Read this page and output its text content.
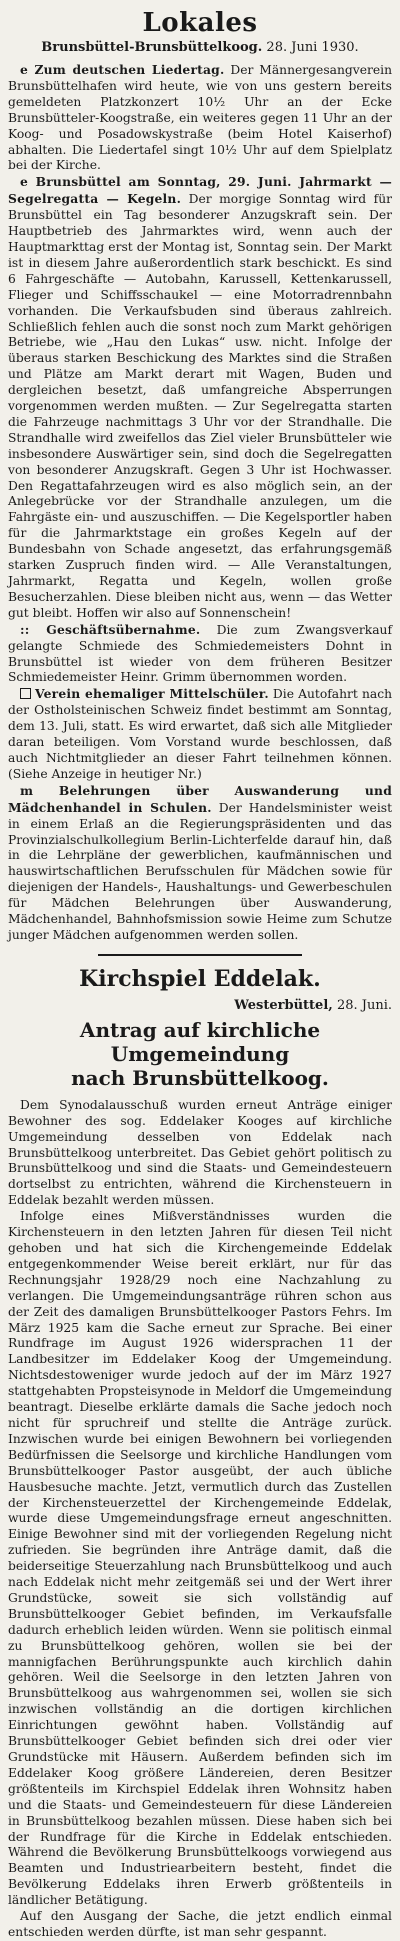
Lokales
Brunsbüttel-Brunsbüttelkoog. 28. Juni 1930.

e Zum deutschen Liedertag. Der Männergesangverein Brunsbüttelhafen wird heute, wie von uns gestern bereits gemeldeten Platzkonzert 10½ Uhr an der Ecke Brunsbütteler-Koogstraße, ein weiteres gegen 11 Uhr an der Koog- und Posadowskystraße (beim Hotel Kaiserhof) abhalten. Die Liedertafel singt 10½ Uhr auf dem Spielplatz bei der Kirche.

e Brunsbüttel am Sonntag, 29. Juni. Jahrmarkt — Segelregatta — Kegeln. Der morgige Sonntag wird für Brunsbüttel ein Tag besonderer Anzugskraft sein. Der Hauptbetrieb des Jahrmarktes wird, wenn auch der Hauptmarkttag erst der Montag ist, Sonntag sein. Der Markt ist in diesem Jahre außerordentlich stark beschickt. Es sind 6 Fahrgeschäfte — Autobahn, Karussell, Kettenkarussell, Flieger und Schiffsschaukel — eine Motorradrennbahn vorhanden. Die Verkaufsbuden sind überaus zahlreich. Schließlich fehlen auch die sonst noch zum Markt gehörigen Betriebe, wie „Hau den Lukas“ usw. nicht. Infolge der überaus starken Beschickung des Marktes sind die Straßen und Plätze am Markt derart mit Wagen, Buden und dergleichen besetzt, daß umfangreiche Absperrungen vorgenommen werden mußten. — Zur Segelregatta starten die Fahrzeuge nachmittags 3 Uhr vor der Strandhalle. Die Strandhalle wird zweifellos das Ziel vieler Brunsbütteler wie insbesondere Auswärtiger sein, sind doch die Segelregatten von besonderer Anzugskraft. Gegen 3 Uhr ist Hochwasser. Den Regattafahrzeugen wird es also möglich sein, an der Anlegebrücke vor der Strandhalle anzulegen, um die Fahrgäste ein- und auszuschiffen. — Die Kegelsportler haben für die Jahrmarktstage ein großes Kegeln auf der Bundesbahn von Schade angesetzt, das erfahrungsgemäß starken Zuspruch finden wird. — Alle Veranstaltungen, Jahrmarkt, Regatta und Kegeln, wollen große Besucherzahlen. Diese bleiben nicht aus, wenn — das Wetter gut bleibt. Hoffen wir also auf Sonnenschein!

:: Geschäftsübernahme. Die zum Zwangsverkauf gelangte Schmiede des Schmiedemeisters Dohnt in Brunsbüttel ist wieder von dem früheren Besitzer Schmiedemeister Heinr. Grimm übernommen worden.

Verein ehemaliger Mittelschüler. Die Autofahrt nach der Ostholsteinischen Schweiz findet bestimmt am Sonntag, dem 13. Juli, statt. Es wird erwartet, daß sich alle Mitglieder daran beteiligen. Vom Vorstand wurde beschlossen, daß auch Nichtmitglieder an dieser Fahrt teilnehmen können. (Siehe Anzeige in heutiger Nr.)

m Belehrungen über Auswanderung und Mädchenhandel in Schulen. Der Handelsminister weist in einem Erlaß an die Regierungspräsidenten und das Provinzialschulkollegium Berlin-Lichterfelde darauf hin, daß in die Lehrpläne der gewerblichen, kaufmännischen und hauswirtschaftlichen Berufsschulen für Mädchen sowie für diejenigen der Handels-, Haushaltungs- und Gewerbeschulen für Mädchen Belehrungen über Auswanderung, Mädchenhandel, Bahnhofsmission sowie Heime zum Schutze junger Mädchen aufgenommen werden sollen.

Kirchspiel Eddelak.
Westerbüttel, 28. Juni.
Antrag auf kirchliche Umgemeindung
nach Brunsbüttelkoog.

Dem Synodalausschuß wurden erneut Anträge einiger Bewohner des sog. Eddelaker Kooges auf kirchliche Umgemeindung desselben von Eddelak nach Brunsbüttelkoog unterbreitet. Das Gebiet gehört politisch zu Brunsbüttelkoog und sind die Staats- und Gemeindesteuern dortselbst zu entrichten, während die Kirchensteuern in Eddelak bezahlt werden müssen.

Infolge eines Mißverständnisses wurden die Kirchensteuern in den letzten Jahren für diesen Teil nicht gehoben und hat sich die Kirchengemeinde Eddelak entgegenkommender Weise bereit erklärt, nur für das Rechnungsjahr 1928/29 noch eine Nachzahlung zu verlangen. Die Umgemeindungsanträge rühren schon aus der Zeit des damaligen Brunsbüttelkooger Pastors Fehrs. Im März 1925 kam die Sache erneut zur Sprache. Bei einer Rundfrage im August 1926 widersprachen 11 der Landbesitzer im Eddelaker Koog der Umgemeindung. Nichtsdestoweniger wurde jedoch auf der im März 1927 stattgehabten Propsteisynode in Meldorf die Umgemeindung beantragt. Dieselbe erklärte damals die Sache jedoch noch nicht für spruchreif und stellte die Anträge zurück. Inzwischen wurde bei einigen Bewohnern bei vorliegenden Bedürfnissen die Seelsorge und kirchliche Handlungen vom Brunsbüttelkooger Pastor ausgeübt, der auch übliche Hausbesuche machte. Jetzt, vermutlich durch das Zustellen der Kirchensteuerzettel der Kirchengemeinde Eddelak, wurde diese Umgemeindungsfrage erneut angeschnitten. Einige Bewohner sind mit der vorliegenden Regelung nicht zufrieden. Sie begründen ihre Anträge damit, daß die beiderseitige Steuerzahlung nach Brunsbüttelkoog und auch nach Eddelak nicht mehr zeitgemäß sei und der Wert ihrer Grundstücke, soweit sie sich vollständig auf Brunsbüttelkooger Gebiet befinden, im Verkaufsfalle dadurch erheblich leiden würden. Wenn sie politisch einmal zu Brunsbüttelkoog gehören, wollen sie bei der mannigfachen Berührungspunkte auch kirchlich dahin gehören. Weil die Seelsorge in den letzten Jahren von Brunsbüttelkoog aus wahrgenommen sei, wollen sie sich inzwischen vollständig an die dortigen kirchlichen Einrichtungen gewöhnt haben. Vollständig auf Brunsbüttelkooger Gebiet befinden sich drei oder vier Grundstücke mit Häusern. Außerdem befinden sich im Eddelaker Koog größere Ländereien, deren Besitzer größtenteils im Kirchspiel Eddelak ihren Wohnsitz haben und die Staats- und Gemeindesteuern für diese Ländereien in Brunsbüttelkoog bezahlen müssen. Diese haben sich bei der Rundfrage für die Kirche in Eddelak entschieden. Während die Bevölkerung Brunsbüttelkoogs vorwiegend aus Beamten und Industriearbeitern besteht, findet die Bevölkerung Eddelaks ihren Erwerb größtenteils in ländlicher Betätigung.

Auf den Ausgang der Sache, die jetzt endlich einmal entschieden werden dürfte, ist man sehr gespannt.
